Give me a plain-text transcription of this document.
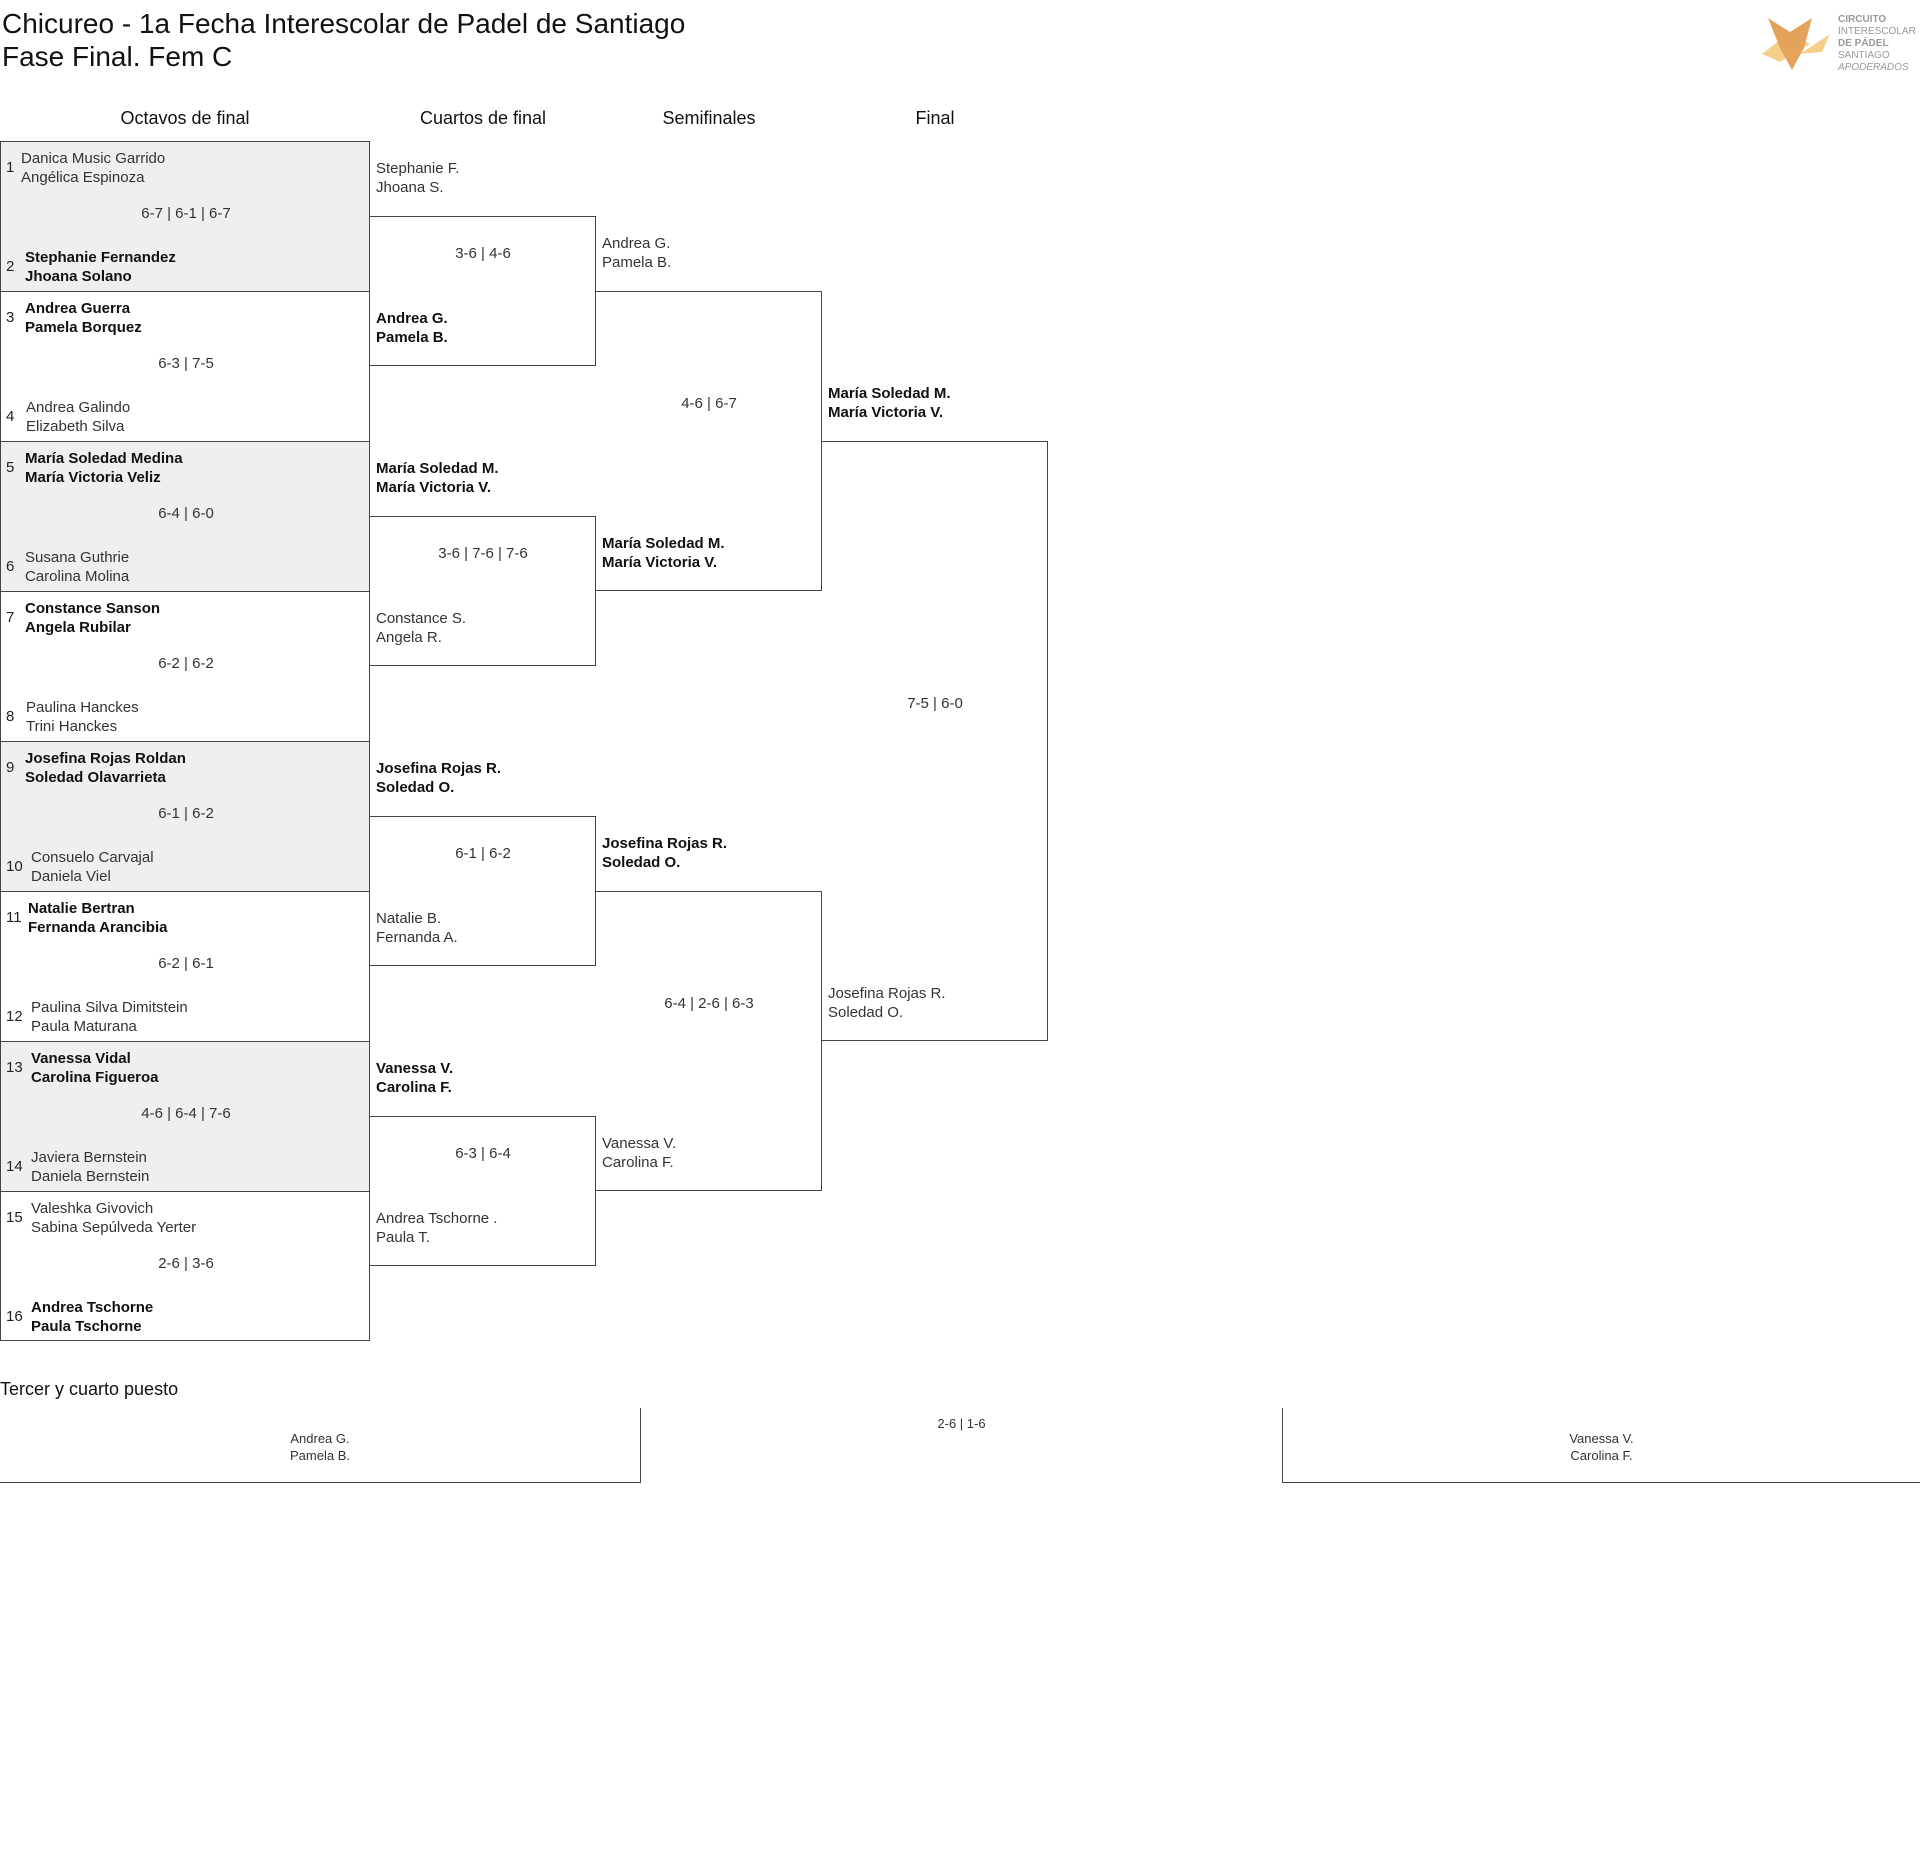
Chicureo - 1a Fecha Interescolar de Padel de Santiago
Fase Final. Fem C
CIRCUITO
INTERESCOLAR
DE PÁDEL
SANTIAGO
APODERADOS
Octavos de final	Cuartos de final	Semifinales	Final
1
Danica Music Garrido
Angélica Espinoza
6-7 | 6-1 | 6-7
2
Stephanie Fernandez
Jhoana Solano
3
Andrea Guerra
Pamela Borquez
6-3 | 7-5
4
Andrea Galindo
Elizabeth Silva
5
María Soledad Medina
María Victoria Veliz
6-4 | 6-0
6
Susana Guthrie
Carolina Molina
7
Constance Sanson
Angela Rubilar
6-2 | 6-2
8
Paulina Hanckes
Trini Hanckes
9
Josefina Rojas Roldan
Soledad Olavarrieta
6-1 | 6-2
10
Consuelo Carvajal
Daniela Viel
11
Natalie Bertran
Fernanda Arancibia
6-2 | 6-1
12
Paulina Silva Dimitstein
Paula Maturana
13
Vanessa Vidal
Carolina Figueroa
4-6 | 6-4 | 7-6
14
Javiera Bernstein
Daniela Bernstein
15
Valeshka Givovich
Sabina Sepúlveda Yerter
2-6 | 3-6
16
Andrea Tschorne
Paula Tschorne
Stephanie F.
Jhoana S.
3-6 | 4-6
Andrea G.
Pamela B.
María Soledad M.
María Victoria V.
3-6 | 7-6 | 7-6
Constance S.
Angela R.
Josefina Rojas R.
Soledad O.
6-1 | 6-2
Natalie B.
Fernanda A.
Vanessa V.
Carolina F.
6-3 | 6-4
Andrea Tschorne .
Paula T.
Andrea G.
Pamela B.
4-6 | 6-7
María Soledad M.
María Victoria V.
Josefina Rojas R.
Soledad O.
6-4 | 2-6 | 6-3
Vanessa V.
Carolina F.
María Soledad M.
María Victoria V.
7-5 | 6-0
Josefina Rojas R.
Soledad O.
Tercer y cuarto puesto
Andrea G.
Pamela B.
2-6 | 1-6
Vanessa V.
Carolina F.
